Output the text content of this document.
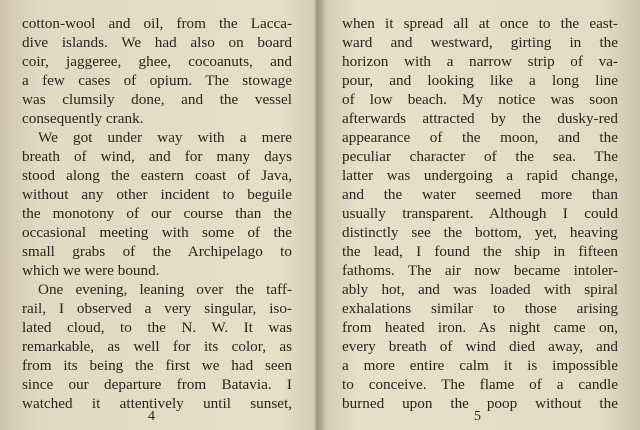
cotton-wool and oil, from the Lacca-

dive islands. We had also on board

coir, jaggeree, ghee, cocoanuts, and

a few cases of opium. The stowage

was clumsily done, and the vessel

consequently crank.

We got under way with a mere

breath of wind, and for many days

stood along the eastern coast of Java,

without any other incident to beguile

the monotony of our course than the

occasional meeting with some of the

small grabs of the Archipelago to

which we were bound.

One evening, leaning over the taff-

rail, I observed a very singular, iso-

lated cloud, to the N. W. It was

remarkable, as well for its color, as

from its being the first we had seen

since our departure from Batavia. I

watched it attentively until sunset,

4

when it spread all at once to the east-

ward and westward, girting in the

horizon with a narrow strip of va-

pour, and looking like a long line

of low beach. My notice was soon

afterwards attracted by the dusky-red

appearance of the moon, and the

peculiar character of the sea. The

latter was undergoing a rapid change,

and the water seemed more than

usually transparent. Although I could

distinctly see the bottom, yet, heaving

the lead, I found the ship in fifteen

fathoms. The air now became intoler-

ably hot, and was loaded with spiral

exhalations similar to those arising

from heated iron. As night came on,

every breath of wind died away, and

a more entire calm it is impossible

to conceive. The flame of a candle

burned upon the poop without the

5
